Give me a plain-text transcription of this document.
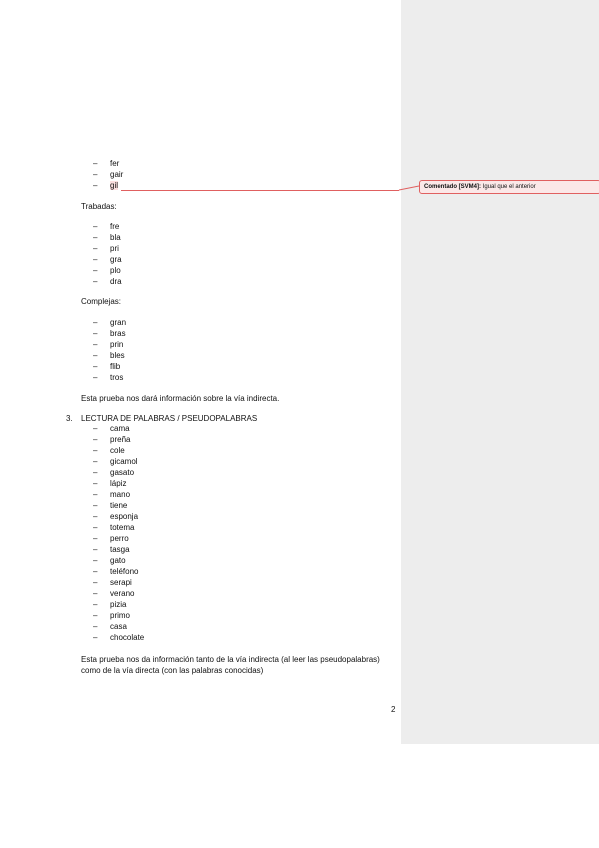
– fer
– gair
– gil
Trabadas:
– fre
– bla
– pri
– gra
– plo
– dra
Complejas:
– gran
– bras
– prin
– bles
– flib
– tros
Esta prueba nos dará información sobre la vía indirecta.
3. LECTURA DE PALABRAS / PSEUDOPALABRAS
– cama
– preña
– cole
– gicamol
– gasato
– lápiz
– mano
– tiene
– esponja
– totema
– perro
– tasga
– gato
– teléfono
– serapi
– verano
– pizia
– primo
– casa
– chocolate
Esta prueba nos da información tanto de la vía indirecta (al leer las pseudopalabras)
como de la vía directa (con las palabras conocidas)
2
Comentado [SVM4]: Igual que el anterior
